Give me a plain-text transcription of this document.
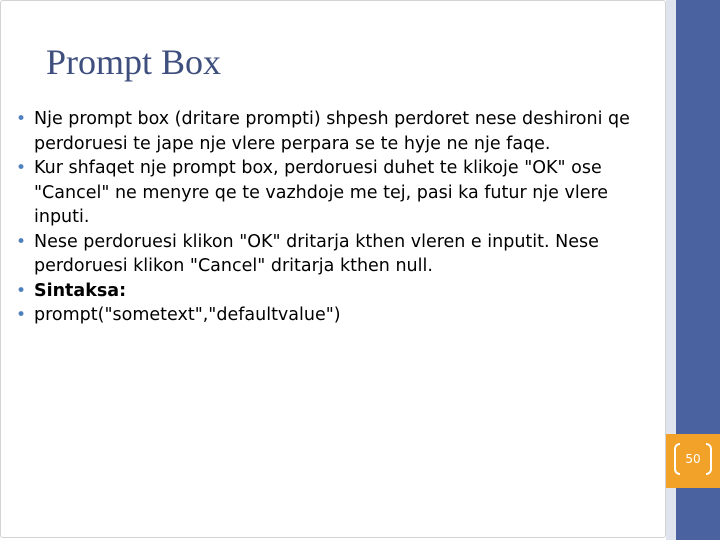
Prompt Box
• Nje prompt box (dritare prompti) shpesh perdoret nese deshironi qe perdoruesi te jape nje vlere perpara se te hyje ne nje faqe.
• Kur shfaqet nje prompt box, perdoruesi duhet te klikoje "OK" ose "Cancel" ne menyre qe te vazhdoje me tej, pasi ka futur nje vlere inputi.
• Nese perdoruesi klikon "OK" dritarja kthen vleren e inputit. Nese perdoruesi klikon "Cancel" dritarja kthen null.
• Sintaksa:
• prompt("sometext","defaultvalue")
50
